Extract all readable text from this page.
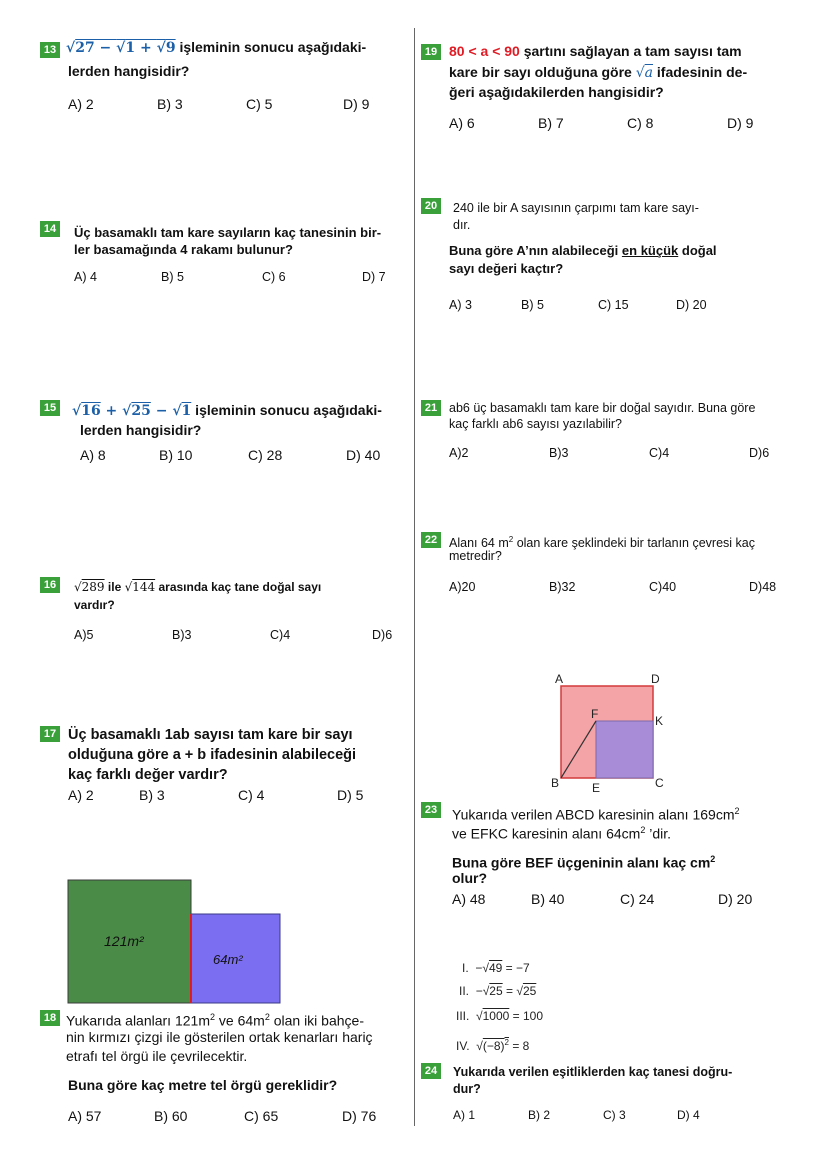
13 √27 − √1 + √9 işleminin sonucu aşağıdaki-
lerden hangisidir?
A) 2	B) 3	C) 5	D) 9
14 Üç basamaklı tam kare sayıların kaç tanesinin bir-
ler basamağında 4 rakamı bulunur?
A) 4	B) 5	C) 6	D) 7
15 √16 + √25 − √1 işleminin sonucu aşağıdaki-
lerden hangisidir?
A) 8	B) 10	C) 28	D) 40
16	√289 ile √144 arasında kaç tane doğal sayı
vardır?
A)5	B)3	C)4	D)6
17 Üç basamaklı 1ab sayısı tam kare bir sayı
olduğuna göre a + b ifadesinin alabileceği
kaç farklı değer vardır?
A) 2	B) 3	C) 4	D) 5
121m²
64m²
18 Yukarıda alanları $121m^2$ ve $64m^2$ olan iki bahçe-
nin kırmızı çizgi ile gösterilen ortak kenarları hariç
etrafı tel örgü ile çevrilecektir.
Buna göre kaç metre tel örgü gereklidir?
A) 57	B) 60	C) 65	D) 76
19 80 < a < 90 şartını sağlayan a tam sayısı tam
kare bir sayı olduğuna göre √a ifadesinin de-
ğeri aşağıdakilerden hangisidir?
A) 6	B) 7	C) 8	D) 9
20	240 ile bir A sayısının çarpımı tam kare sayı-
dır.
Buna göre A’nın alabileceği en küçük doğal
sayı değeri kaçtır?
A) 3	B) 5	C) 15	D) 20
21 ab6 üç basamaklı tam kare bir doğal sayıdır. Buna göre
kaç farklı ab6 sayısı yazılabilir?
A)2	B)3	C)4	D)6
22 Alanı 64 $m^2$ olan kare şeklindeki bir tarlanın çevresi kaç
metredir?
A)20	B)32	C)40	D)48
A	D
F	K
B	E	C
23 Yukarıda verilen ABCD karesinin alanı $169cm^2$
ve EFKC karesinin alanı $64cm^2$ ’dir.
Buna göre BEF üçgeninin alanı kaç $cm^2$
olur?
A) 48	B) 40	C) 24	D) 20
I. −√49 = −7
II. −√25 = √25
III.  √1000 = 100
IV.  $√(-8)^2 = 8$
24	Yukarıda verilen eşitliklerden kaç tanesi doğru-
dur?
A) 1	B) 2	C) 3	D) 4
